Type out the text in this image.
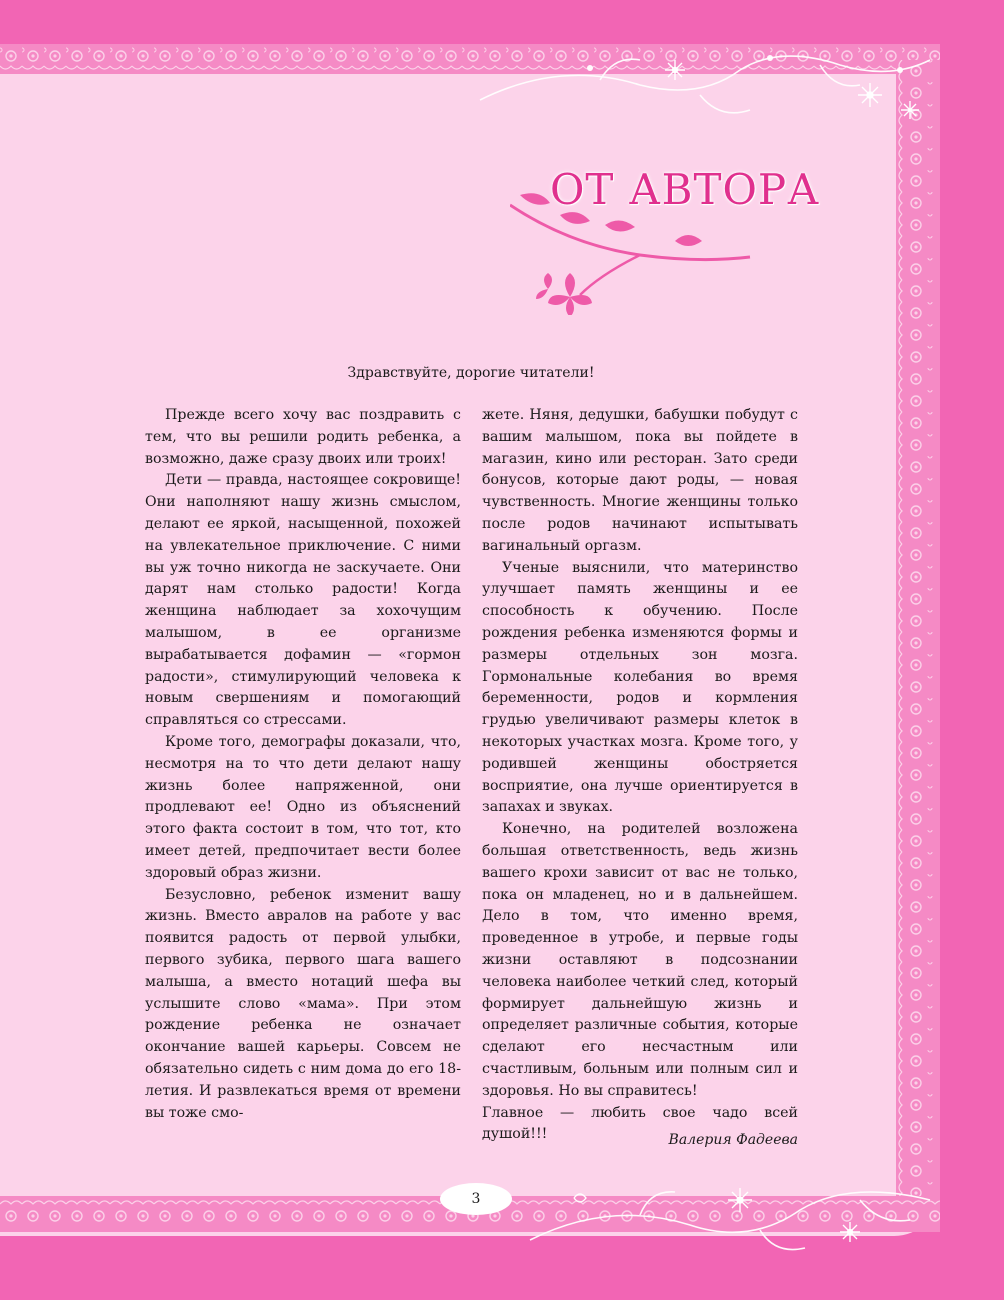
ОТ АВТОРА

Здравствуйте, дорогие читатели!

Прежде всего хочу вас поздравить с тем, что вы решили родить ребенка, а возможно, даже сразу двоих или троих!

Дети — правда, настоящее сокровище! Они наполняют нашу жизнь смыслом, делают ее яркой, насыщенной, похожей на увлекательное приключение. С ними вы уж точно никогда не заскучаете. Они дарят нам столько радости! Когда женщина наблюдает за хохочущим малышом, в ее организме вырабатывается дофамин — «гормон радости», стимулирующий человека к новым свершениям и помогающий справляться со стрессами.

Кроме того, демографы доказали, что, несмотря на то что дети делают нашу жизнь более напряженной, они продлевают ее! Одно из объяснений этого факта состоит в том, что тот, кто имеет детей, предпочитает вести более здоровый образ жизни.

Безусловно, ребенок изменит вашу жизнь. Вместо авралов на работе у вас появится радость от первой улыбки, первого зубика, первого шага вашего малыша, а вместо нотаций шефа вы услышите слово «мама». При этом рождение ребенка не означает окончание вашей карьеры. Совсем не обязательно сидеть с ним дома до его 18-летия. И развлекаться время от времени вы тоже смо-

жете. Няня, дедушки, бабушки побудут с вашим малышом, пока вы пойдете в магазин, кино или ресторан. Зато среди бонусов, которые дают роды, — новая чувственность. Многие женщины только после родов начинают испытывать вагинальный оргазм.

Ученые выяснили, что материнство улучшает память женщины и ее способность к обучению. После рождения ребенка изменяются формы и размеры отдельных зон мозга. Гормональные колебания во время беременности, родов и кормления грудью увеличивают размеры клеток в некоторых участках мозга. Кроме того, у родившей женщины обостряется восприятие, она лучше ориентируется в запахах и звуках.

Конечно, на родителей возложена большая ответственность, ведь жизнь вашего крохи зависит от вас не только, пока он младенец, но и в дальнейшем. Дело в том, что именно время, проведенное в утробе, и первые годы жизни оставляют в подсознании человека наиболее четкий след, который формирует дальнейшую жизнь и определяет различные события, которые сделают его несчастным или счастливым, больным или полным сил и здоровья. Но вы справитесь!

Главное — любить свое чадо всей душой!!!	Валерия Фадеева
3
